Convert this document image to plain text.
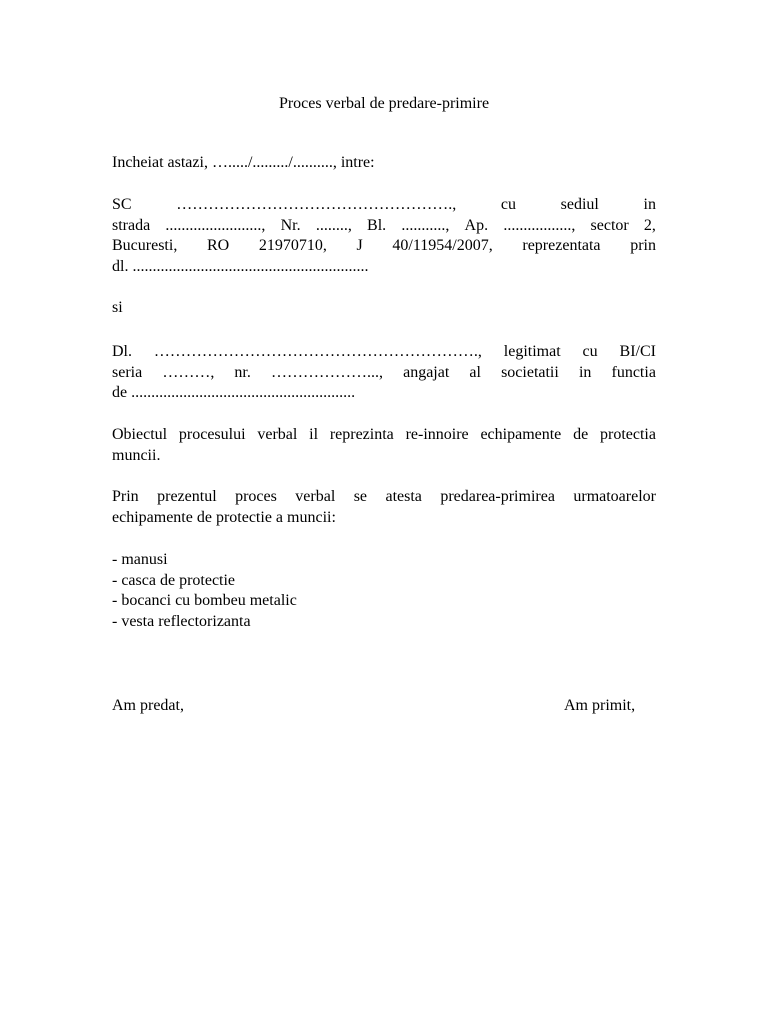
Proces verbal de predare-primire
Incheiat astazi, …...../........./.........., intre:
SC	…………………………………………….,	cu	sediul	in
strada ........................, Nr. ........, Bl. ..........., Ap. ................., sector 2,
Bucuresti, RO 21970710, J 40/11954/2007, reprezentata prin
dl. ...........................................................
si
Dl. ……………………………………………………., legitimat cu BI/CI
seria ………, nr. ………………..., angajat al societatii in functia
de ........................................................
Obiectul procesului verbal il reprezinta re-innoire echipamente de protectia
muncii.
Prin prezentul proces verbal se atesta predarea-primirea urmatoarelor
echipamente de protectie a muncii:
- manusi
- casca de protectie
- bocanci cu bombeu metalic
- vesta reflectorizanta
Am predat,	Am primit,
